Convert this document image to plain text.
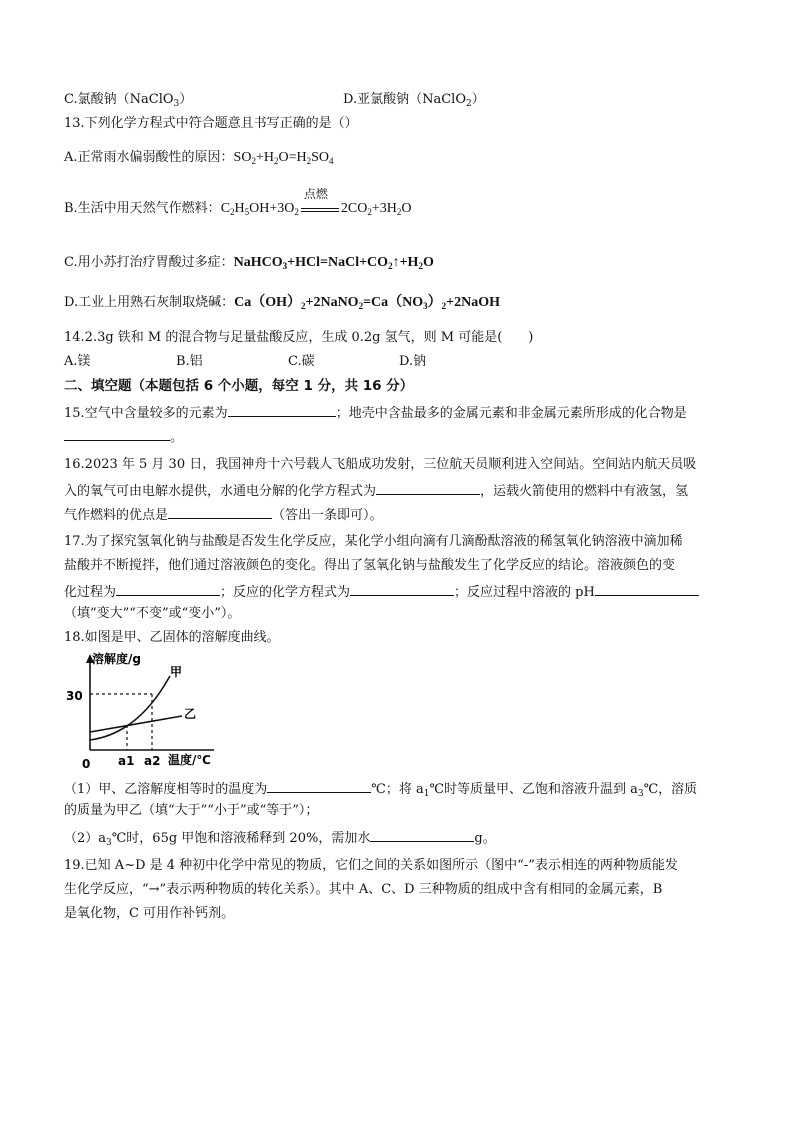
C.氯酸钠（NaClO$_3$）	D.亚氯酸钠（NaClO$_2$）
13.下列化学方程式中符合题意且书写正确的是（）
A.正常雨水偏弱酸性的原因：$SO_2+H_2O=H_2SO_4$
B.生活中用天然气作燃料：$C_2H_5OH+3O_2$
点燃
$2CO_2+3H_2O$
C.用小苏打治疗胃酸过多症：$NaHCO_3+HCl=NaCl+CO_2↑+H_2O$
D.工业上用熟石灰制取烧碱：$Ca(OH)_2+2NaNO_2=Ca(NO_3)_2+2NaOH$
14.2.3g 铁和 M 的混合物与足量盐酸反应，生成 0.2g 氢气，则 M 可能是(　　)
A.镁	B.铝	C.碳	D.钠
二、填空题（本题包括 6 个小题，每空 1 分，共 16 分）
15.空气中含量较多的元素为	；地壳中含盐最多的金属元素和非金属元素所形成的化合物是
。
16.2023 年 5 月 30 日，我国神舟十六号载人飞船成功发射，三位航天员顺利进入空间站。空间站内航天员吸
入的氧气可由电解水提供，水通电分解的化学方程式为	，运载火箭使用的燃料中有液氢，氢
气作燃料的优点是	（答出一条即可）。
17.为了探究氢氧化钠与盐酸是否发生化学反应，某化学小组向滴有几滴酚酞溶液的稀氢氧化钠溶液中滴加稀
盐酸并不断搅拌，他们通过溶液颜色的变化。得出了氢氧化钠与盐酸发生了化学反应的结论。溶液颜色的变
化过程为	；反应的化学方程式为	；反应过程中溶液的 pH
（填“变大”“不变”或“变小”）。
18.如图是甲、乙固体的溶解度曲线。
溶解度/g
30
0 a1 a2 温度/℃
甲
乙
（1）甲、乙溶解度相等时的温度为	℃；将 $a_1℃$时等质量甲、乙饱和溶液升温到 $a_3℃$，溶质
的质量为甲乙（填“大于”“小于”或“等于”）；
$(2)a_3℃$时，65g 甲饱和溶液稀释到 20%，需加水	g。
19.已知 A~D 是 4 种初中化学中常见的物质，它们之间的关系如图所示（图中“-”表示相连的两种物质能发
生化学反应，“→”表示两种物质的转化关系）。其中 A、C、D 三种物质的组成中含有相同的金属元素，B
是氧化物，C 可用作补钙剂。
